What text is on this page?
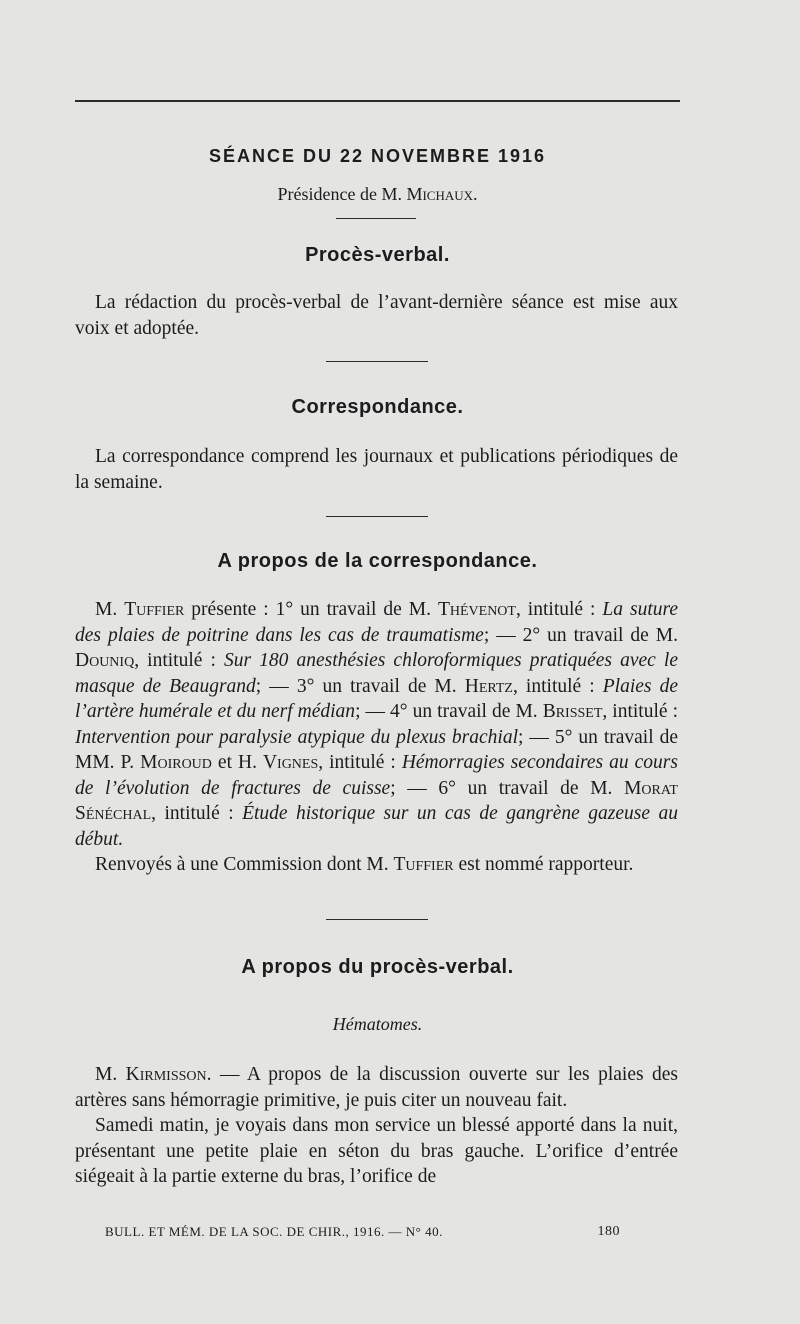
SÉANCE DU 22 NOVEMBRE 1916
Présidence de M. Michaux.
Procès-verbal.

La rédaction du procès-verbal de l’avant-dernière séance est mise aux voix et adoptée.

Correspondance.

La correspondance comprend les journaux et publications périodiques de la semaine.

A propos de la correspondance.

M. Tuffier présente : 1° un travail de M. Thévenot, intitulé : La suture des plaies de poitrine dans les cas de traumatisme; — 2° un travail de M. Douniq, intitulé : Sur 180 anesthésies chloroformiques pratiquées avec le masque de Beaugrand; — 3° un travail de M. Hertz, intitulé : Plaies de l’artère humérale et du nerf médian; — 4° un travail de M. Brisset, intitulé : Intervention pour paralysie atypique du plexus brachial; — 5° un travail de MM. P. Moiroud et H. Vignes, intitulé : Hémorragies secondaires au cours de l’évolution de fractures de cuisse; — 6° un travail de M. Morat Sénéchal, intitulé : Étude historique sur un cas de gangrène gazeuse au début.

Renvoyés à une Commission dont M. Tuffier est nommé rapporteur.

A propos du procès-verbal.
Hématomes.

M. Kirmisson. — A propos de la discussion ouverte sur les plaies des artères sans hémorragie primitive, je puis citer un nouveau fait.

Samedi matin, je voyais dans mon service un blessé apporté dans la nuit, présentant une petite plaie en séton du bras gauche. L’orifice d’entrée siégeait à la partie externe du bras, l’orifice de

BULL. ET MÉM. DE LA SOC. DE CHIR., 1916. — N° 40.	180
